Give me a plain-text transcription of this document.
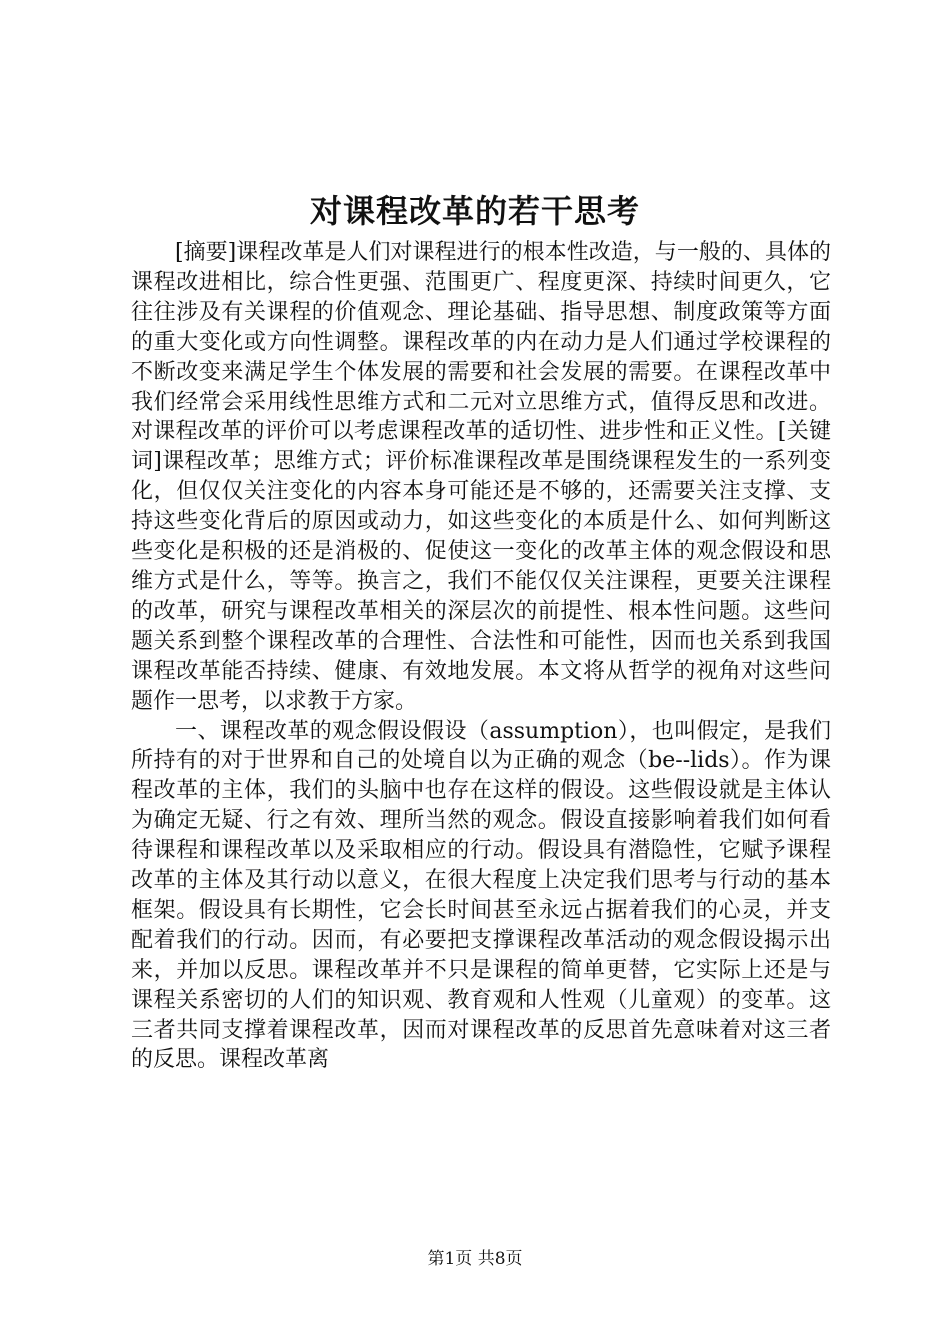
对课程改革的若干思考

[摘要]课程改革是人们对课程进行的根本性改造，与一般的、具体的课程改进相比，综合性更强、范围更广、程度更深、持续时间更久，它往往涉及有关课程的价值观念、理论基础、指导思想、制度政策等方面的重大变化或方向性调整。课程改革的内在动力是人们通过学校课程的不断改变来满足学生个体发展的需要和社会发展的需要。在课程改革中我们经常会采用线性思维方式和二元对立思维方式，值得反思和改进。对课程改革的评价可以考虑课程改革的适切性、进步性和正义性。[关键词]课程改革；思维方式；评价标准课程改革是围绕课程发生的一系列变化，但仅仅关注变化的内容本身可能还是不够的，还需要关注支撑、支持这些变化背后的原因或动力，如这些变化的本质是什么、如何判断这些变化是积极的还是消极的、促使这一变化的改革主体的观念假设和思维方式是什么，等等。换言之，我们不能仅仅关注课程，更要关注课程的改革，研究与课程改革相关的深层次的前提性、根本性问题。这些问题关系到整个课程改革的合理性、合法性和可能性，因而也关系到我国课程改革能否持续、健康、有效地发展。本文将从哲学的视角对这些问题作一思考，以求教于方家。

一、课程改革的观念假设假设（assumption），也叫假定，是我们所持有的对于世界和自己的处境自以为正确的观念（be--lids）。作为课程改革的主体，我们的头脑中也存在这样的假设。这些假设就是主体认为确定无疑、行之有效、理所当然的观念。假设直接影响着我们如何看待课程和课程改革以及采取相应的行动。假设具有潜隐性，它赋予课程改革的主体及其行动以意义，在很大程度上决定我们思考与行动的基本框架。假设具有长期性，它会长时间甚至永远占据着我们的心灵，并支配着我们的行动。因而，有必要把支撑课程改革活动的观念假设揭示出来，并加以反思。课程改革并不只是课程的简单更替，它实际上还是与课程关系密切的人们的知识观、教育观和人性观（儿童观）的变革。这三者共同支撑着课程改革，因而对课程改革的反思首先意味着对这三者的反思。课程改革离

第1页 共8页
